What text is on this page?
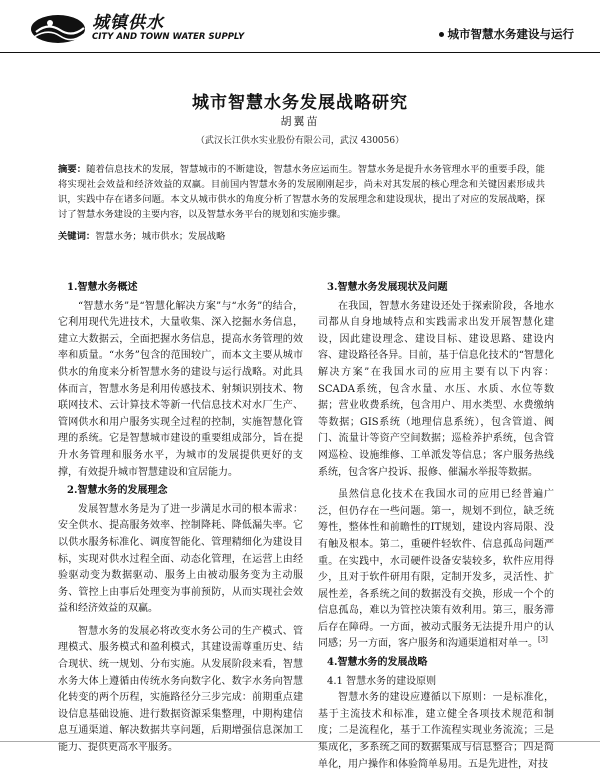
城镇供水
CITY AND TOWN WATER SUPPLY	城市智慧水务建设与运行
城市智慧水务发展战略研究
胡翼苗
（武汉长江供水实业股份有限公司，武汉 430056）
摘要：随着信息技术的发展，智慧城市的不断建设，智慧水务应运而生。智慧水务是提升水务管理水平的重要手段，能将实现社会效益和经济效益的双赢。目前国内智慧水务的发展刚刚起步，尚未对其发展的核心理念和关键因素形成共识，实践中存在诸多问题。本文从城市供水的角度分析了智慧水务的发展理念和建设现状，提出了对应的发展战略，探讨了智慧水务建设的主要内容，以及智慧水务平台的规划和实施步骤。
关键词：智慧水务；城市供水；发展战略
1.智慧水务概述

“智慧水务”是“智慧化解决方案”与“水务”的结合，它利用现代先进技术，大量收集、深入挖掘水务信息，建立大数据云，全面把握水务信息，提高水务管理的效率和质量。“水务”包含的范围较广，而本文主要从城市供水的角度来分析智慧水务的建设与运行战略。对此具体而言，智慧水务是利用传感技术、射频识别技术、物联网技术、云计算技术等新一代信息技术对水厂生产、管网供水和用户服务实现全过程的控制，实施智慧化管理的系统。它是智慧城市建设的重要组成部分，旨在提升水务管理和服务水平，为城市的发展提供更好的支撑，有效提升城市智慧建设和宜居能力。

2.智慧水务的发展理念

发展智慧水务是为了进一步满足水司的根本需求：安全供水、提高服务效率、控制降耗、降低漏失率。它以供水服务标准化、调度智能化、管理精细化为建设目标，实现对供水过程全面、动态化管理，在运营上由经验驱动变为数据驱动、服务上由被动服务变为主动服务、管控上由事后处理变为事前预防，从而实现社会效益和经济效益的双赢。

智慧水务的发展必将改变水务公司的生产模式、管理模式、服务模式和盈利模式，其建设需尊重历史、结合现状、统一规划、分布实施。从发展阶段来看，智慧水务大体上遵循由传统水务向数字化、数字水务向智慧化转变的两个历程，实施路径分三步完成：前期重点建设信息基础设施、进行数据资源采集整理，中期构建信息互通渠道、解决数据共享问题，后期增强信息深加工能力、提供更高水平服务。

3.智慧水务发展现状及问题

在我国，智慧水务建设还处于探索阶段，各地水司都从自身地域特点和实践需求出发开展智慧化建设，因此建设理念、建设目标、建设思路、建设内容、建设路径各异。目前，基于信息化技术的“智慧化解决方案”在我国水司的应用主要有以下内容：SCADA系统，包含水量、水压、水质、水位等数据；营业收费系统，包含用户、用水类型、水费缴纳等数据；GIS系统（地理信息系统），包含管道、阀门、流量计等资产空间数据；巡检养护系统，包含管网巡检、设施维修、工单派发等信息；客户服务热线系统，包含客户投诉、报修、催漏水举报等数据。

虽然信息化技术在我国水司的应用已经普遍广泛，但仍存在一些问题。第一，规划不到位，缺乏统筹性，整体性和前瞻性的IT规划，建设内容局限、没有触及根本。第二，重硬件轻软件、信息孤岛问题严重。在实践中，水司硬件设备安装较多，软件应用得少，且对于软件研用有限，定制开发多，灵活性、扩展性差，各系统之间的数据没有交换，形成一个个的信息孤岛，难以为管控决策有效利用。第三，服务滞后存在障碍。一方面，被动式服务无法提升用户的认同感；另一方面，客户服务和沟通渠道相对单一。[3]

4.智慧水务的发展战略
4.1 智慧水务的建设原则

智慧水务的建设应遵循以下原则：一是标准化，基于主流技术和标准，建立健全各项技术规范和制度；二是流程化，基于工作流程实现业务流流；三是集成化，多系统之间的数据集成与信息整合；四是简单化，用户操作和体验简单易用。五是先进性，对技
